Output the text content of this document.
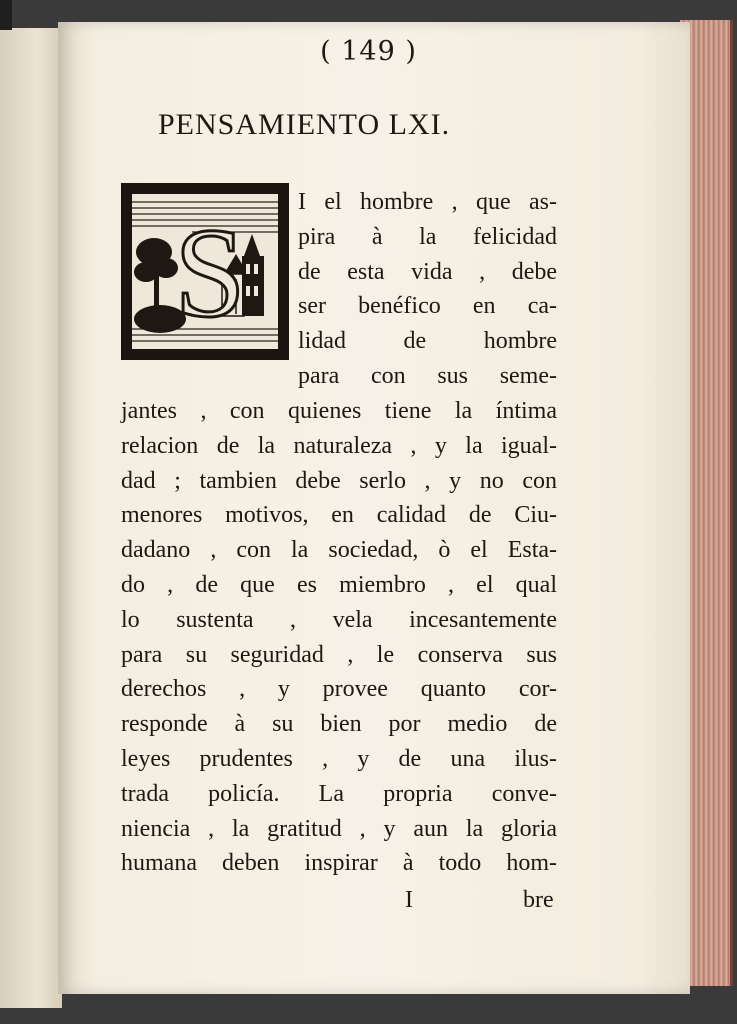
( 149 )
PENSAMIENTO LXI.
S I el hombre , que as-
pira à la felicidad
de esta vida , debe
ser benéfico en ca-
lidad de hombre
para con sus seme-
jantes , con quienes tiene la íntima
relacion de la naturaleza , y la igual-
dad ; tambien debe serlo , y no con
menores motivos, en calidad de Ciu-
dadano , con la sociedad, ò el Esta-
do , de que es miembro , el qual
lo sustenta , vela incesantemente
para su seguridad , le conserva sus
derechos , y provee quanto cor-
responde à su bien por medio de
leyes prudentes , y de una ilus-
trada policía. La propria conve-
niencia , la gratitud , y aun la gloria
humana deben inspirar à todo hom-
I	bre
